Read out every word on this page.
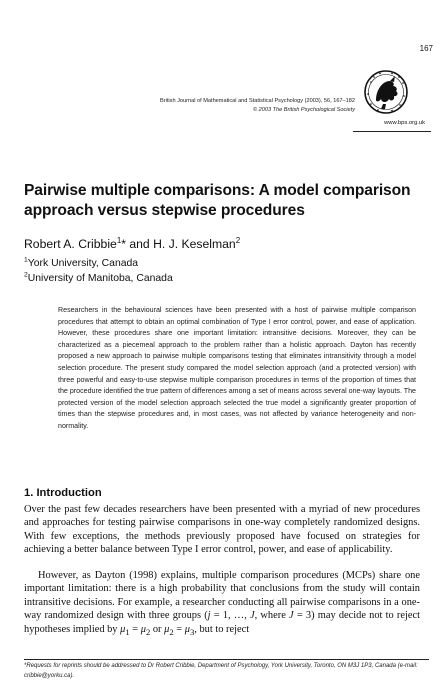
167
British Journal of Mathematical and Statistical Psychology (2003), 56, 167–182
© 2003 The British Psychological Society
www.bps.org.uk
Pairwise multiple comparisons: A model comparison approach versus stepwise procedures
Robert A. Cribbie$^1$* and H. J. Keselman$^2$
$^1$York University, Canada
$^2$University of Manitoba, Canada
Researchers in the behavioural sciences have been presented with a host of pairwise multiple comparison procedures that attempt to obtain an optimal combination of Type I error control, power, and ease of application. However, these procedures share one important limitation: intransitive decisions. Moreover, they can be characterized as a piecemeal approach to the problem rather than a holistic approach. Dayton has recently proposed a new approach to pairwise multiple comparisons testing that eliminates intransitivity through a model selection procedure. The present study compared the model selection approach (and a protected version) with three powerful and easy-to-use stepwise multiple comparison procedures in terms of the proportion of times that the procedure identified the true pattern of differences among a set of means across several one-way layouts. The protected version of the model selection approach selected the true model a significantly greater proportion of times than the stepwise procedures and, in most cases, was not affected by variance heterogeneity and non-normality.
1. Introduction

Over the past few decades researchers have been presented with a myriad of new procedures and approaches for testing pairwise comparisons in one-way completely randomized designs. With few exceptions, the methods previously proposed have focused on strategies for achieving a better balance between Type I error control, power, and ease of applicability.

However, as Dayton (1998) explains, multiple comparison procedures (MCPs) share one important limitation: there is a high probability that conclusions from the study will contain intransitive decisions. For example, a researcher conducting all pairwise comparisons in a one-way randomized design with three groups (j = 1, …, J, where J = 3) may decide not to reject hypotheses implied by $\mu_1 = \mu_2$ or $\mu_2 = \mu_3$, but to reject

*Requests for reprints should be addressed to Dr Robert Cribbie, Department of Psychology, York University, Toronto, ON M3J 1P3, Canada (e-mail: cribbie@yorku.ca).
